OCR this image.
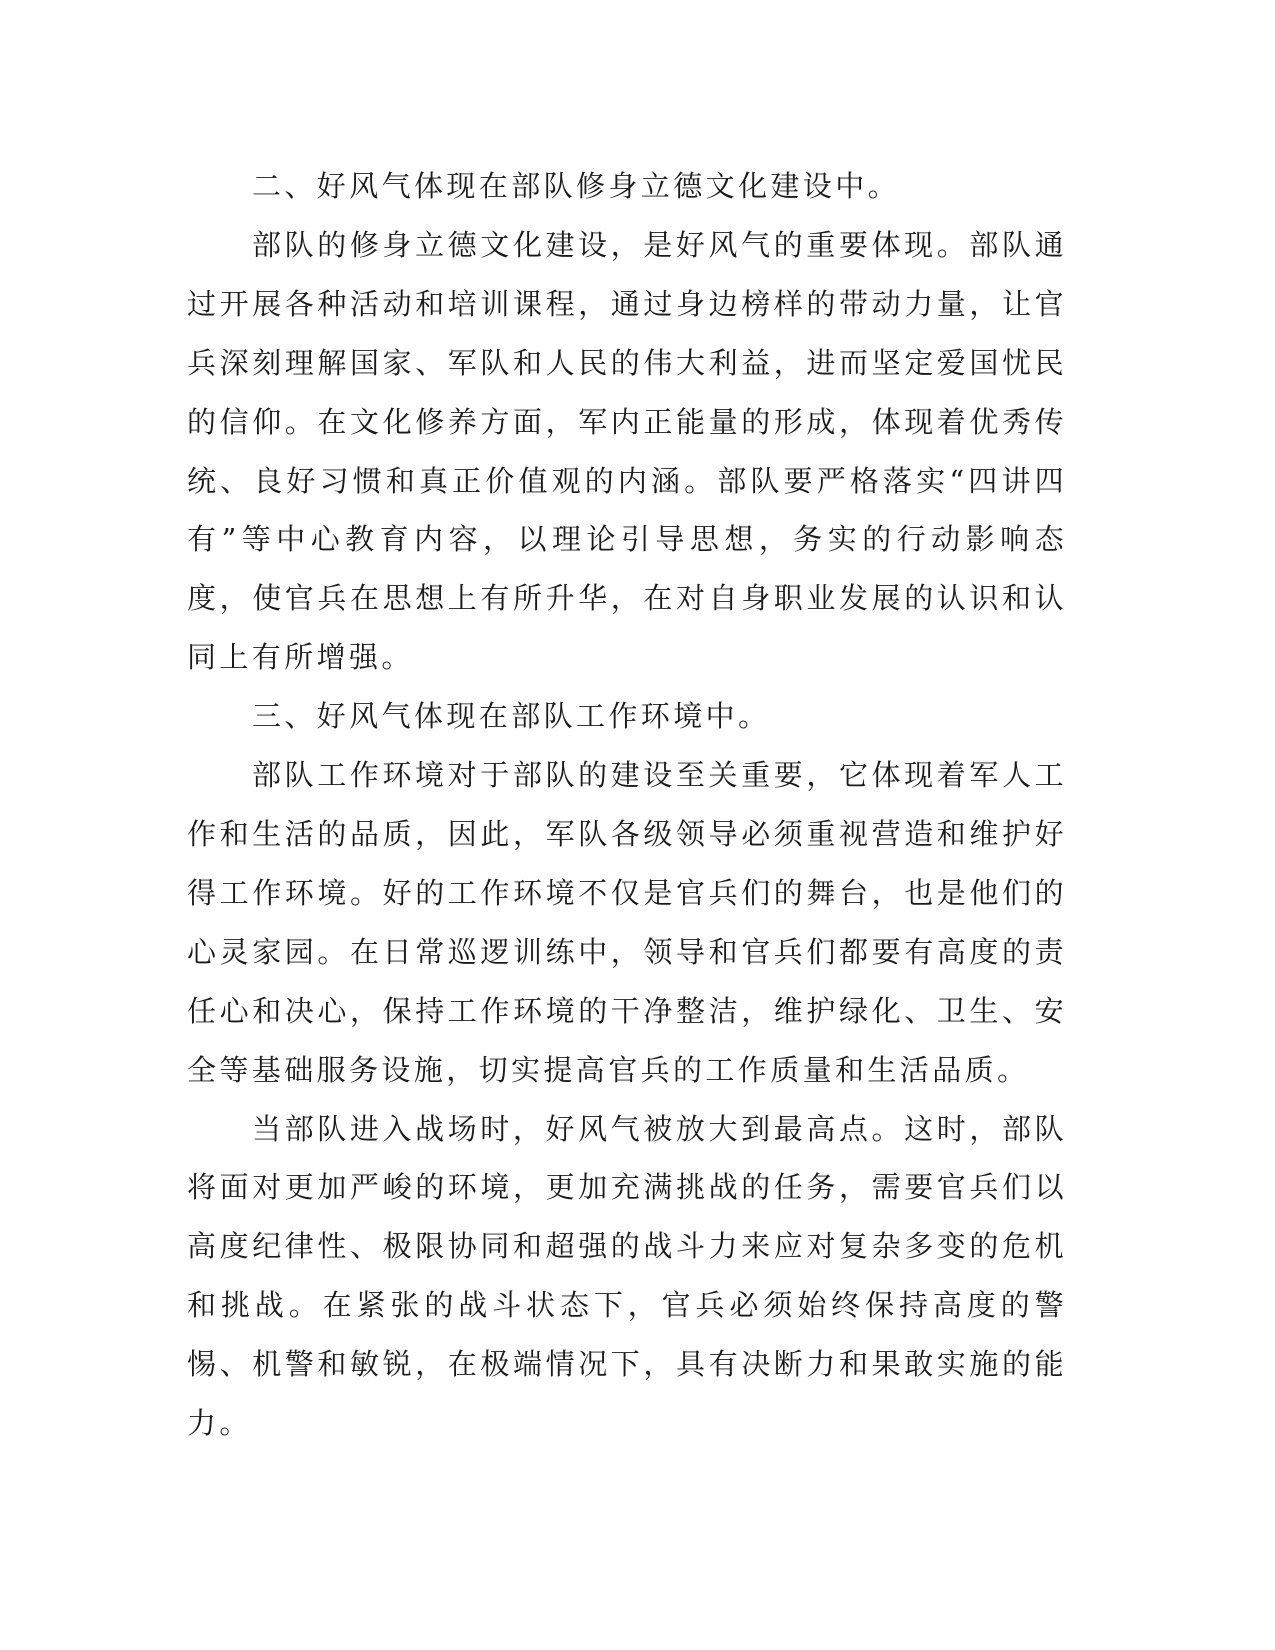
二、好风气体现在部队修身立德文化建设中。

部队的修身立德文化建设，是好风气的重要体现。部队通过开展各种活动和培训课程，通过身边榜样的带动力量，让官兵深刻理解国家、军队和人民的伟大利益，进而坚定爱国忧民的信仰。在文化修养方面，军内正能量的形成，体现着优秀传统、良好习惯和真正价值观的内涵。部队要严格落实“四讲四有”等中心教育内容，以理论引导思想，务实的行动影响态度，使官兵在思想上有所升华，在对自身职业发展的认识和认同上有所增强。

三、好风气体现在部队工作环境中。

部队工作环境对于部队的建设至关重要，它体现着军人工作和生活的品质，因此，军队各级领导必须重视营造和维护好得工作环境。好的工作环境不仅是官兵们的舞台，也是他们的心灵家园。在日常巡逻训练中，领导和官兵们都要有高度的责任心和决心，保持工作环境的干净整洁，维护绿化、卫生、安全等基础服务设施，切实提高官兵的工作质量和生活品质。

当部队进入战场时，好风气被放大到最高点。这时，部队将面对更加严峻的环境，更加充满挑战的任务，需要官兵们以高度纪律性、极限协同和超强的战斗力来应对复杂多变的危机和挑战。在紧张的战斗状态下，官兵必须始终保持高度的警惕、机警和敏锐，在极端情况下，具有决断力和果敢实施的能力。
